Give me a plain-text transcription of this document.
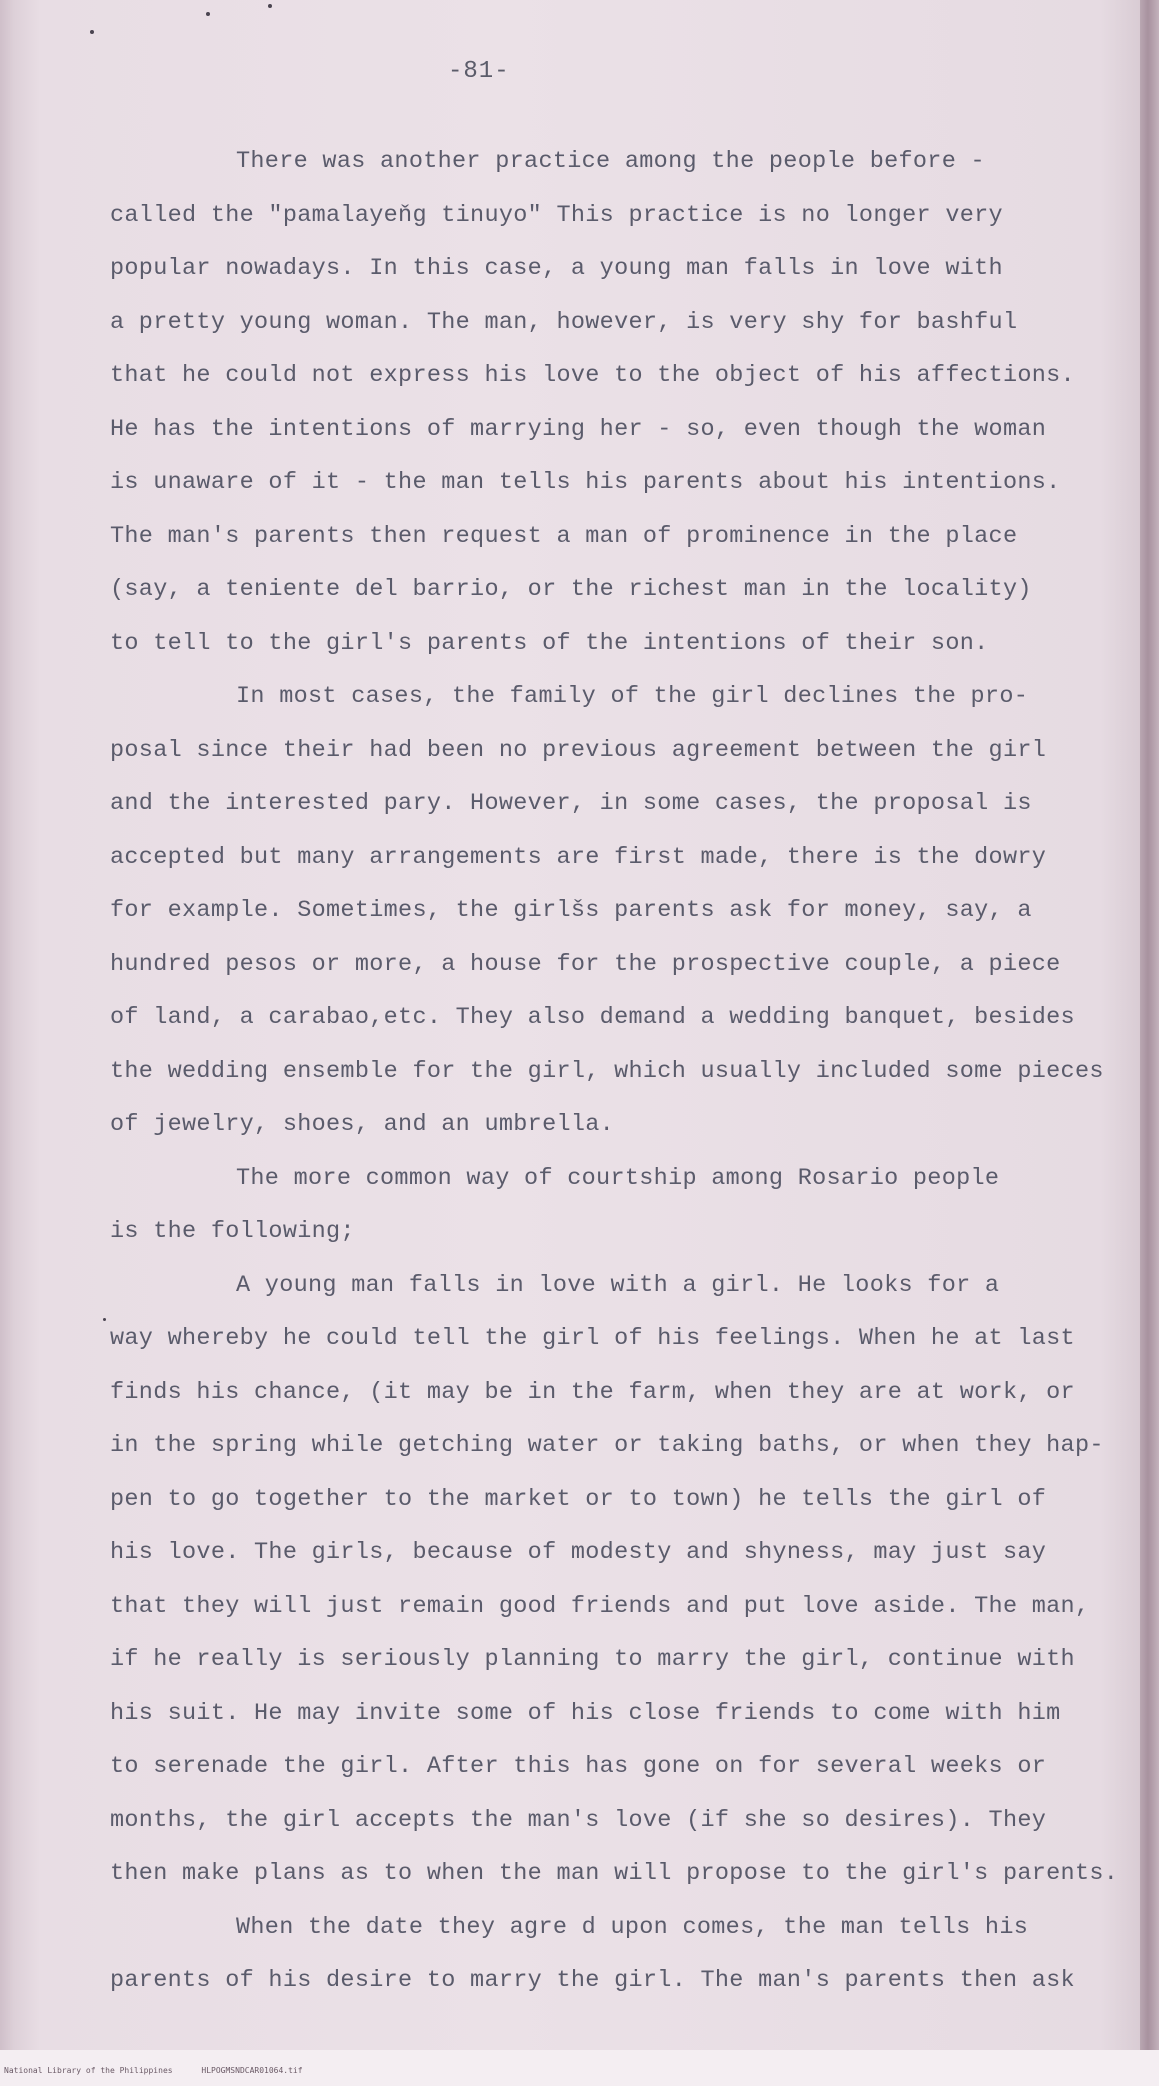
-81-
There was another practice among the people before -
called the "pamalayeňg tinuyo" This practice is no longer very
popular nowadays. In this case, a young man falls in love with
a pretty young woman. The man, however, is very shy for bashful
that he could not express his love to the object of his affections.
He has the intentions of marrying her - so, even though the woman
is unaware of it - the man tells his parents about his intentions.
The man's parents then request a man of prominence in the place
(say, a teniente del barrio, or the richest man in the locality)
to tell to the girl's parents of the intentions of their son.
In most cases, the family of the girl declines the pro-
posal since their had been no previous agreement between the girl
and the interested pary. However, in some cases, the proposal is
accepted but many arrangements are first made, there is the dowry
for example. Sometimes, the girlšs parents ask for money, say, a
hundred pesos or more, a house for the prospective couple, a piece
of land, a carabao,etc. They also demand a wedding banquet, besides
the wedding ensemble for the girl, which usually included some pieces
of jewelry, shoes, and an umbrella.
The more common way of courtship among Rosario people
is the following;
A young man falls in love with a girl. He looks for a
way whereby he could tell the girl of his feelings. When he at last
finds his chance, (it may be in the farm, when they are at work, or
in the spring while getching water or taking baths, or when they hap-
pen to go together to the market or to town) he tells the girl of
his love. The girls, because of modesty and shyness, may just say
that they will just remain good friends and put love aside. The man,
if he really is seriously planning to marry the girl, continue with
his suit. He may invite some of his close friends to come with him
to serenade the girl. After this has gone on for several weeks or
months, the girl accepts the man's love (if she so desires). They
then make plans as to when the man will propose to the girl's parents.
When the date they agre d upon comes, the man tells his
parents of his desire to marry the girl. The man's parents then ask
National Library of the Philippines	HLPOGMSNDCAR01064.tif
